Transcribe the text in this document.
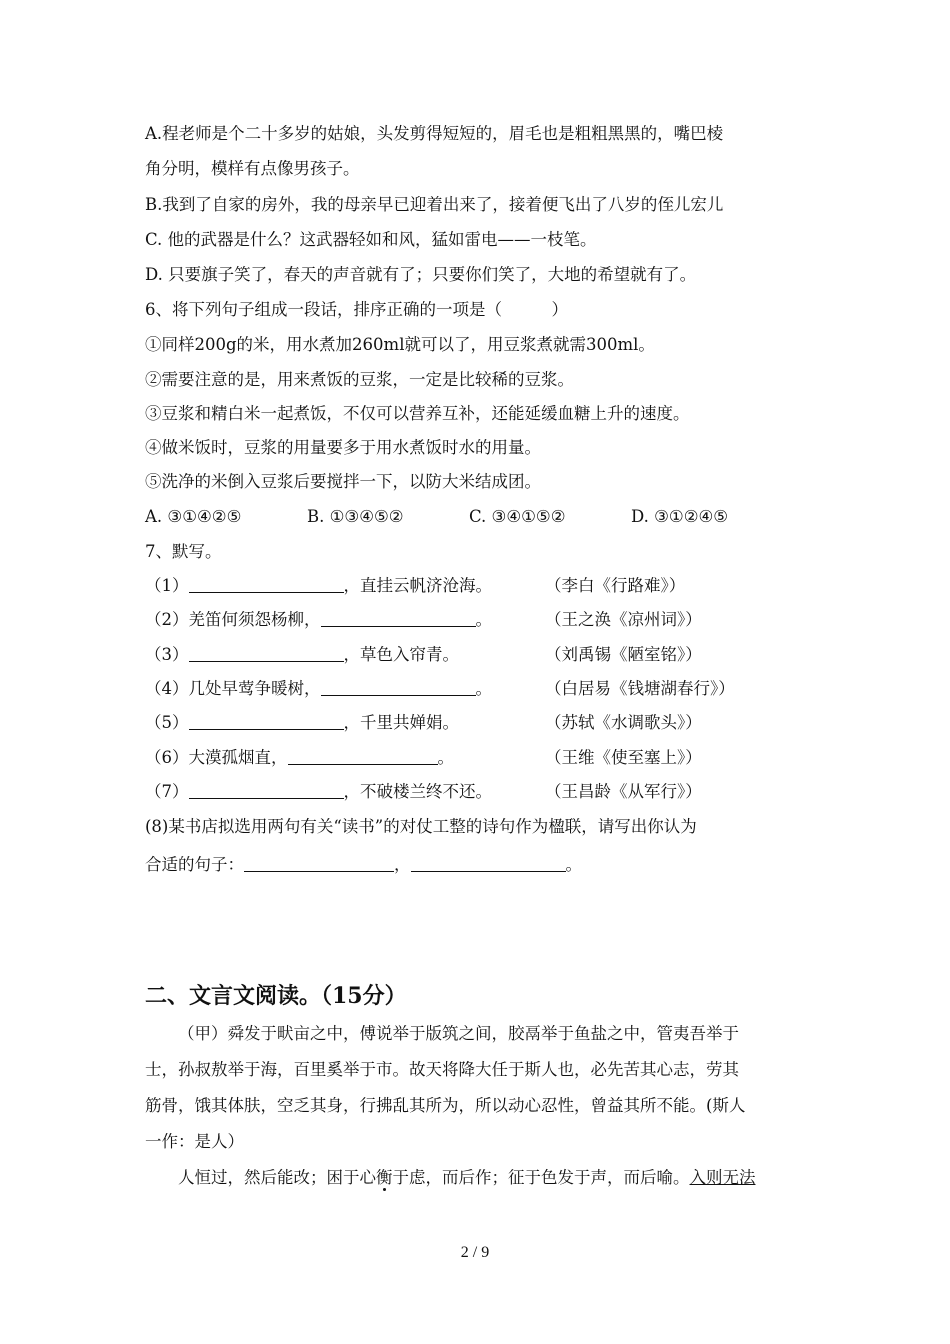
A.程老师是个二十多岁的姑娘，头发剪得短短的，眉毛也是粗粗黑黑的，嘴巴棱
角分明，模样有点像男孩子。
B.我到了自家的房外，我的母亲早已迎着出来了，接着便飞出了八岁的侄儿宏儿
C. 他的武器是什么？这武器轻如和风，猛如雷电——一枝笔。
D. 只要旗子笑了，春天的声音就有了；只要你们笑了，大地的希望就有了。
6、将下列句子组成一段话，排序正确的一项是（　　　）
①同样200g的米，用水煮加260ml就可以了，用豆浆煮就需300ml。
②需要注意的是，用来煮饭的豆浆，一定是比较稀的豆浆。
③豆浆和精白米一起煮饭，不仅可以营养互补，还能延缓血糖上升的速度。
④做米饭时，豆浆的用量要多于用水煮饭时水的用量。
⑤洗净的米倒入豆浆后要搅拌一下，以防大米结成团。
A. ③①④②⑤	B. ①③④⑤②	C. ③④①⑤②	D. ③①②④⑤
7、默写。
（1）	，直挂云帆济沧海。	（李白《行路难》）
（2）羌笛何须怨杨柳，	。	（王之涣《凉州词》）
（3）	，草色入帘青。	（刘禹锡《陋室铭》）
（4）几处早莺争暖树，	。	（白居易《钱塘湖春行》）
（5）	，千里共婵娟。	（苏轼《水调歌头》）
（6）大漠孤烟直，	。	（王维《使至塞上》）
（7）	，不破楼兰终不还。	（王昌龄《从军行》）
(8)某书店拟选用两句有关“读书”的对仗工整的诗句作为楹联，请写出你认为
合适的句子：	，	。
二、文言文阅读。（15分）
（甲）舜发于畎亩之中，傅说举于版筑之间，胶鬲举于鱼盐之中，管夷吾举于
士，孙叔敖举于海，百里奚举于市。故天将降大任于斯人也，必先苦其心志，劳其
筋骨，饿其体肤，空乏其身，行拂乱其所为，所以动心忍性，曾益其所不能。(斯人
一作：是人）
人恒过，然后能改；困于心衡于虑，而后作；征于色发于声，而后喻。入则无法
2 / 9
